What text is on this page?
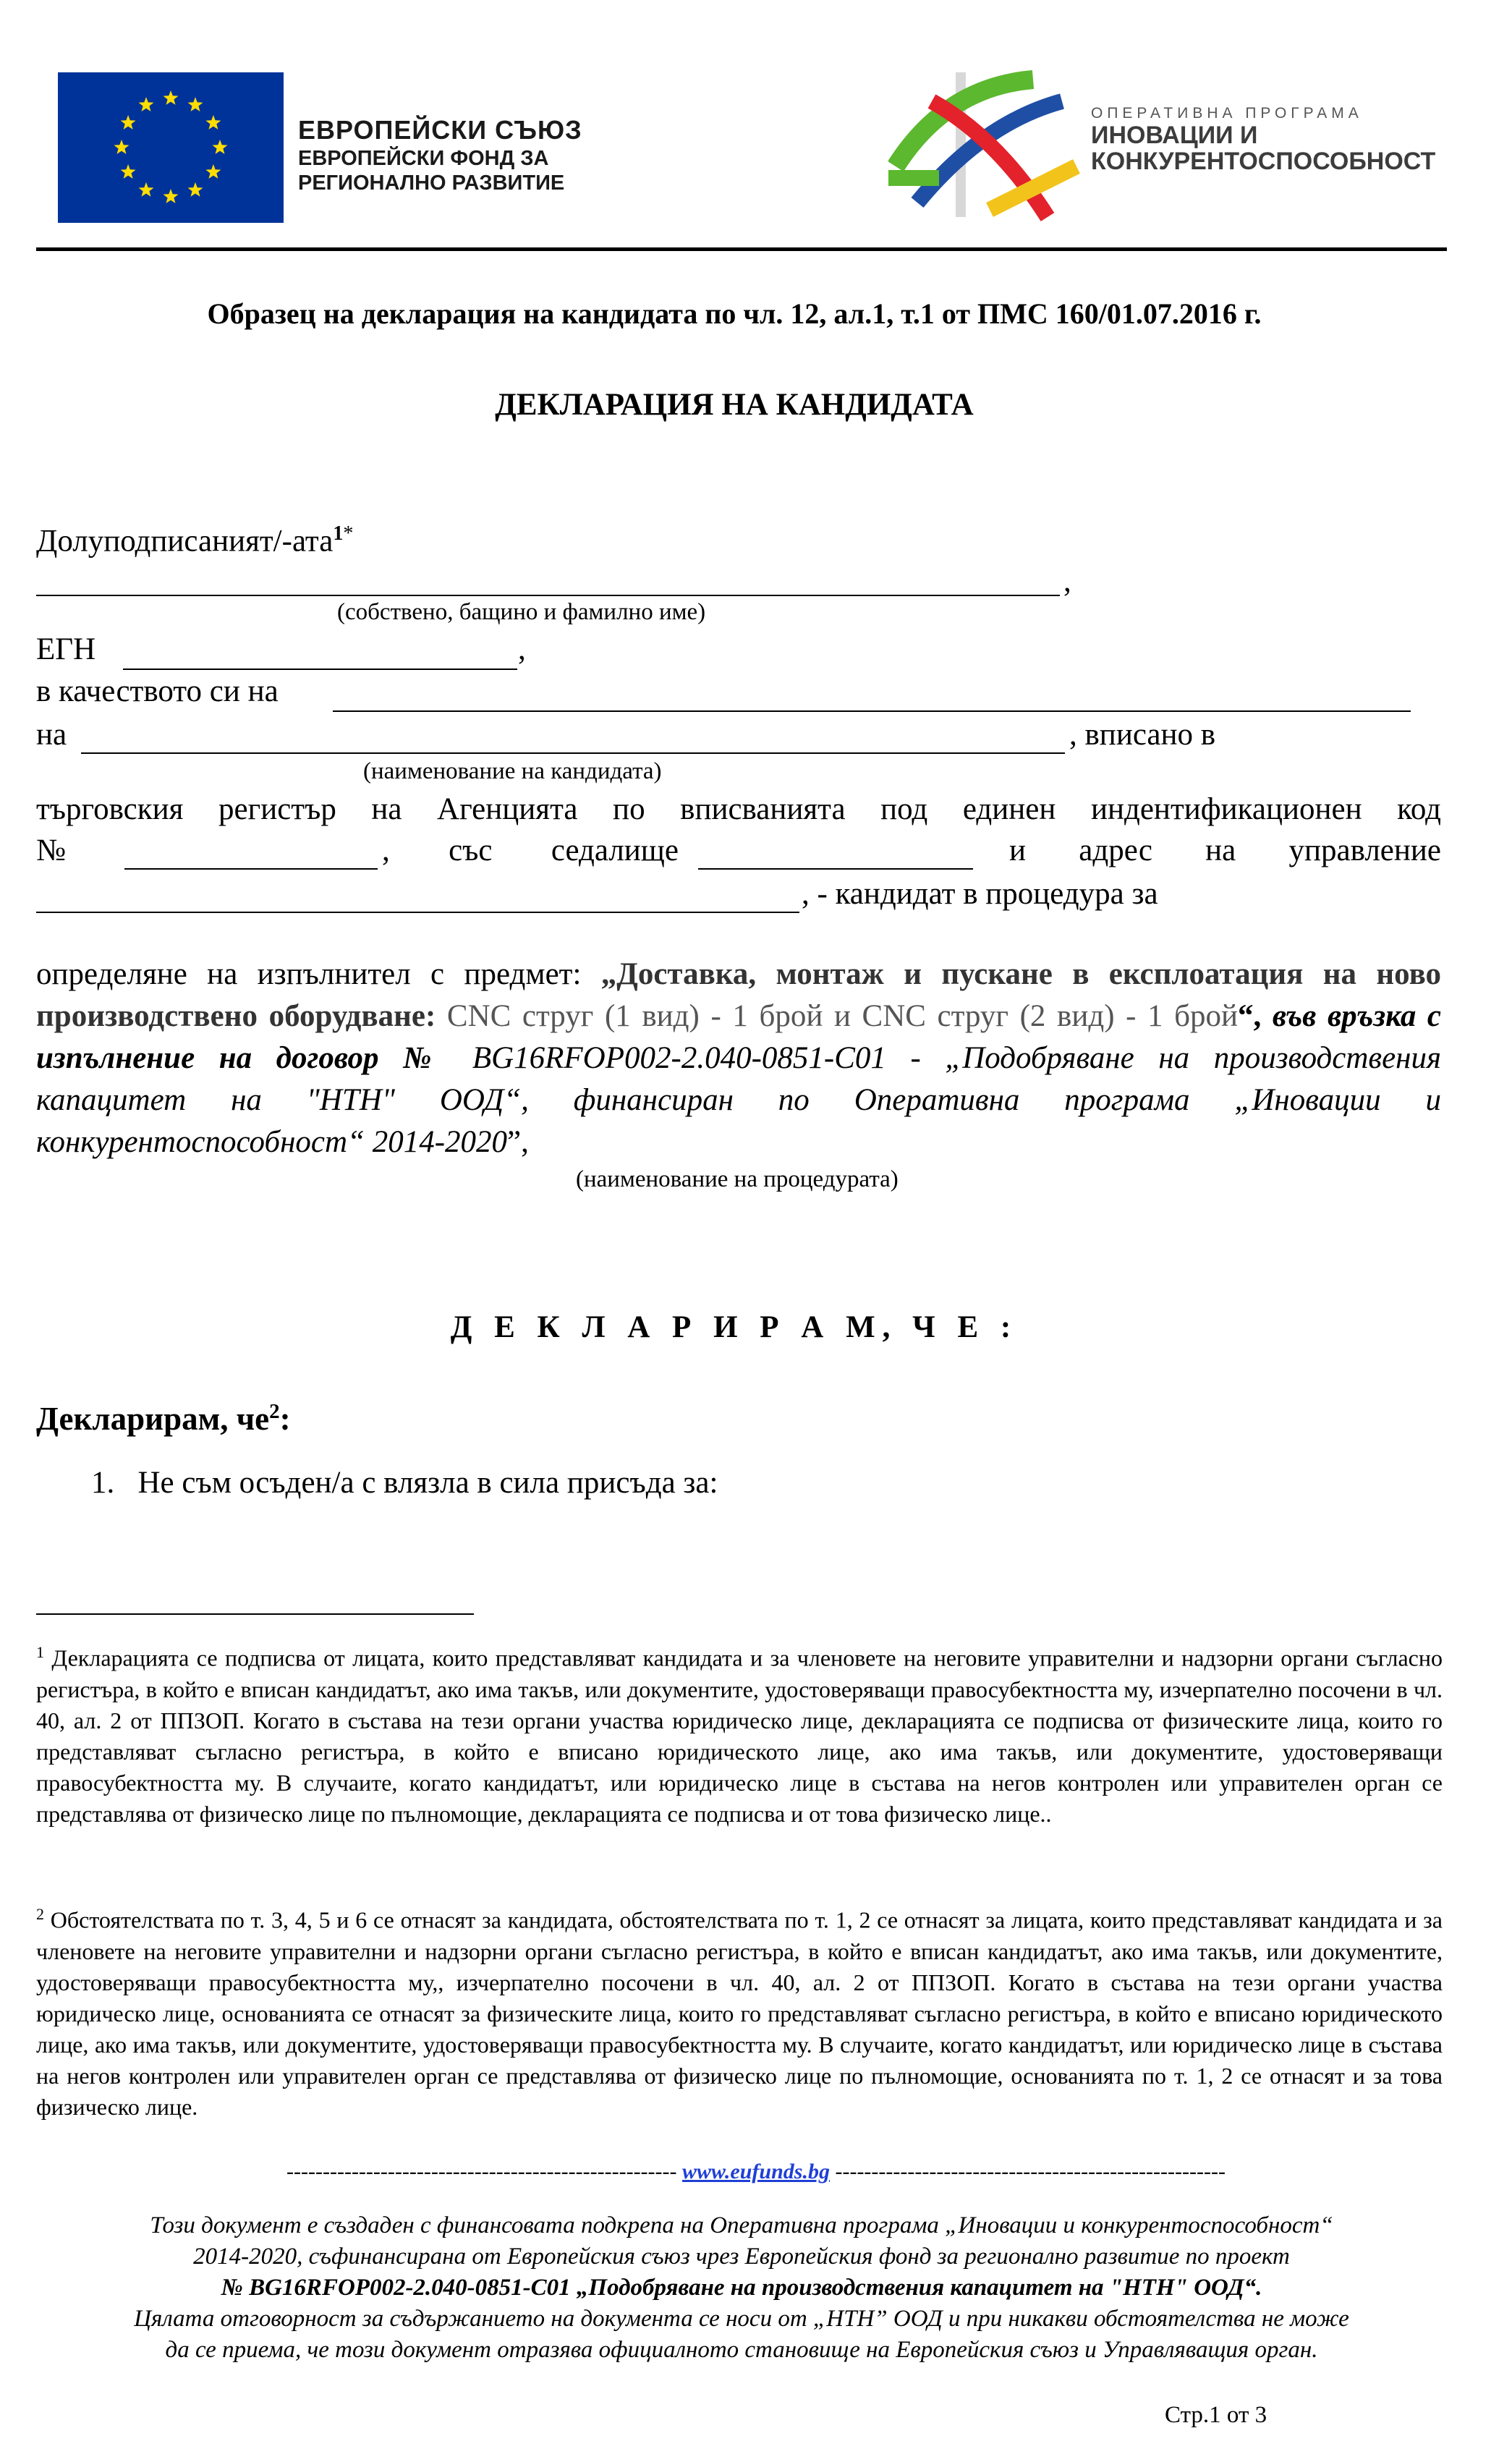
ЕВРОПЕЙСКИ СЪЮЗ
ЕВРОПЕЙСКИ ФОНД ЗА
РЕГИОНАЛНО РАЗВИТИЕ
ОПЕРАТИВНА ПРОГРАМА
ИНОВАЦИИ И
КОНКУРЕНТОСПОСОБНОСТ
Образец на декларация на кандидата по чл. 12, ал.1, т.1 от ПМС 160/01.07.2016 г.
ДЕКЛАРАЦИЯ НА КАНДИДАТА
Долуподписаният/-ата$^{1*}$
,
(собствено, бащино и фамилно име)
ЕГН	,
в качеството си на
на	, вписано в
(наименование на кандидата)
търговския регистър на Агенцията по вписванията под единен индентификационен код
№	, със седалище	и адрес на управление
, - кандидат в процедура за
определяне на изпълнител с предмет: „Доставка, монтаж и пускане в експлоатация на ново производствено оборудване: CNC струг (1 вид) - 1 брой и CNC струг (2 вид) - 1 брой“, във връзка с изпълнение на договор № BG16RFOP002-2.040-0851-C01 - „Подобряване на производствения капацитет на "НТН" ООД“, финансиран по Оперативна програма „Иновации и конкурентоспособност“ 2014-2020”,
(наименование на процедурата)
Д Е К Л А Р И Р А М, Ч Е :
Декларирам, $че^2$:
1.   Не съм осъден/а с влязла в сила присъда за:
$^1$ Декларацията се подписва от лицата, които представляват кандидата и за членовете на неговите управителни и надзорни органи съгласно регистъра, в който е вписан кандидатът, ако има такъв, или документите, удостоверяващи правосубектността му, изчерпателно посочени в чл. 40, ал. 2 от ППЗОП. Когато в състава на тези органи участва юридическо лице, декларацията се подписва от физическите лица, които го представляват съгласно регистъра, в който е вписано юридическото лице, ако има такъв, или документите, удостоверяващи правосубектността му. В случаите, когато кандидатът, или юридическо лице в състава на негов контролен или управителен орган се представлява от физическо лице по пълномощие, декларацията се подписва и от това физическо лице..
$^2$ Обстоятелствата по т. 3, 4, 5 и 6 се отнасят за кандидата, обстоятелствата по т. 1, 2 се отнасят за лицата, които представляват кандидата и за членовете на неговите управителни и надзорни органи съгласно регистъра, в който е вписан кандидатът, ако има такъв, или документите, удостоверяващи правосубектността му,, изчерпателно посочени в чл. 40, ал. 2 от ППЗОП. Когато в състава на тези органи участва юридическо лице, основанията се отнасят за физическите лица, които го представляват съгласно регистъра, в който е вписано юридическото лице, ако има такъв, или документите, удостоверяващи правосубектността му. В случаите, когато кандидатът, или юридическо лице в състава на негов контролен или управителен орган се представлява от физическо лице по пълномощие, основанията по т. 1, 2 се отнасят и за това физическо лице.
------------------------------------------------------ www.eufunds.bg ------------------------------------------------------
Този документ е създаден с финансовата подкрепа на Оперативна програма „Иновации и конкурентоспособност“
2014-2020, съфинансирана от Европейския съюз чрез Европейския фонд за регионално развитие по проект
№ BG16RFOP002-2.040-0851-C01 „Подобряване на производствения капацитет на "НТН" ООД“.
Цялата отговорност за съдържанието на документа се носи от „НТН” ООД и при никакви обстоятелства не може
да се приема, че този документ отразява официалното становище на Европейския съюз и Управляващия орган.
Стр.1 от 3
